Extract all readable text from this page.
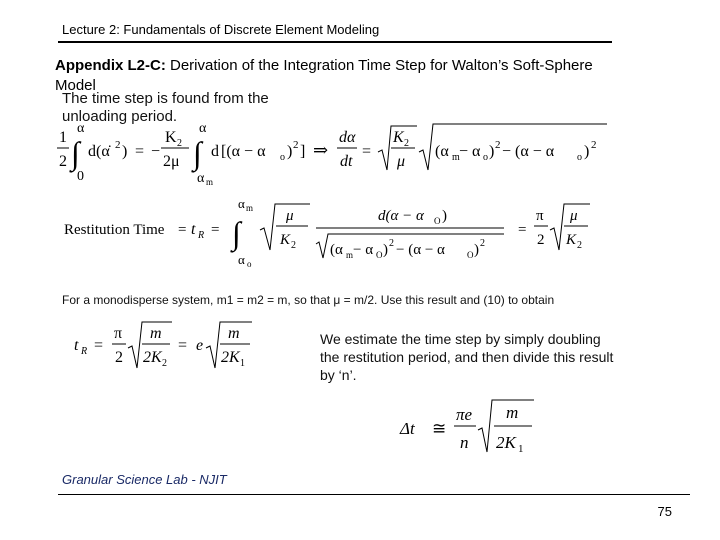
Lecture 2: Fundamentals of Discrete Element Modeling
Appendix L2-C: Derivation of the Integration Time Step for Walton’s Soft-Sphere Model
The time step is found from the unloading period.
1
2
α
∫
0
d(α̇ 2 ) = −
K 2
2μ
α
∫
α m
d [(α − α o ) 2 ] ⇒
dα
dt
=
K 2
μ
(α m − α o ) 2 − (α − α o ) 2
Restitution Time = t R =
α m
∫
α o
μ
K 2
d(α − α O )
(α m − α O ) 2 − (α − α O ) 2
=
π
2
μ
K 2
For a monodisperse system, m1 = m2 = m, so that μ = m/2. Use this result and (10) to obtain
t R =
π
2
m
2K 2
= e
m
2K 1
We estimate the time step by simply doubling the restitution period, and then divide this result by ‘n’.
Δt ≅
πe
n
m
2K 1
Granular Science Lab - NJIT
75
